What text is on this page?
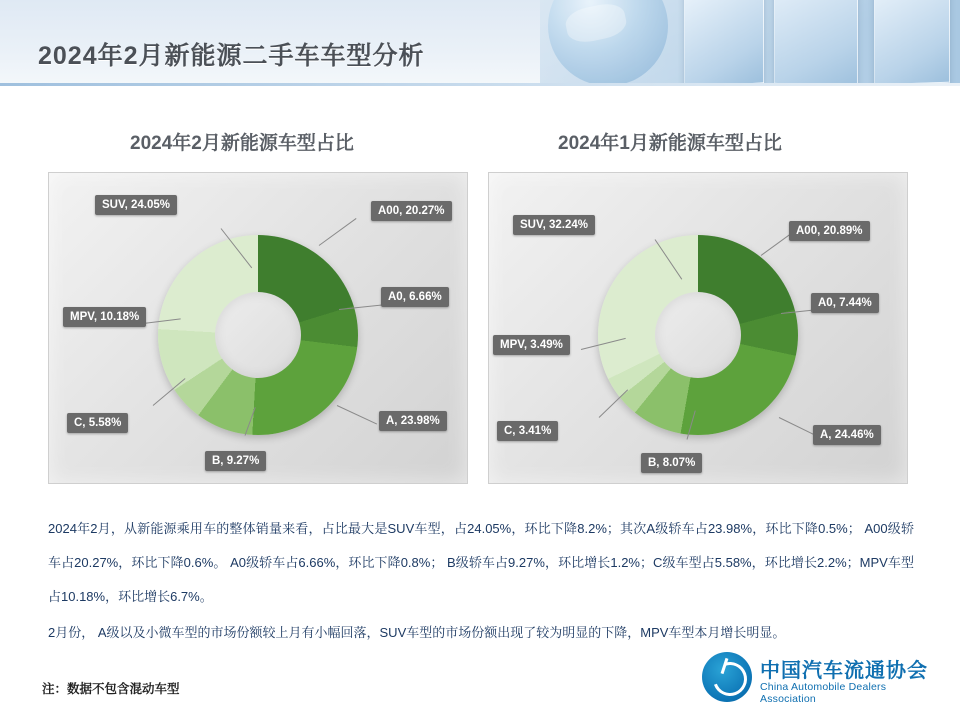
2024年2月新能源二手车车型分析
2024年2月新能源车型占比	2024年1月新能源车型占比
SUV, 24.05%	A00, 20.27%
A0, 6.66%
A, 23.98%
B, 9.27%
C, 5.58%
MPV, 10.18%
SUV, 32.24%	A00, 20.89%
A0, 7.44%
A, 24.46%
B, 8.07%
C, 3.41%
MPV, 3.49%

2024年2月，从新能源乘用车的整体销量来看，占比最大是SUV车型，占24.05%，环比下降8.2%；其次A级轿车占23.98%，环比下降0.5%； A00级轿车占20.27%，环比下降0.6%。 A0级轿车占6.66%，环比下降0.8%； B级轿车占9.27%，环比增长1.2%；C级车型占5.58%，环比增长2.2%；MPV车型占10.18%，环比增长6.7%。

2月份， A级以及小微车型的市场份额较上月有小幅回落，SUV车型的市场份额出现了较为明显的下降，MPV车型本月增长明显。

注：数据不包含混动车型
中国汽车流通协会
China Automobile Dealers Association
